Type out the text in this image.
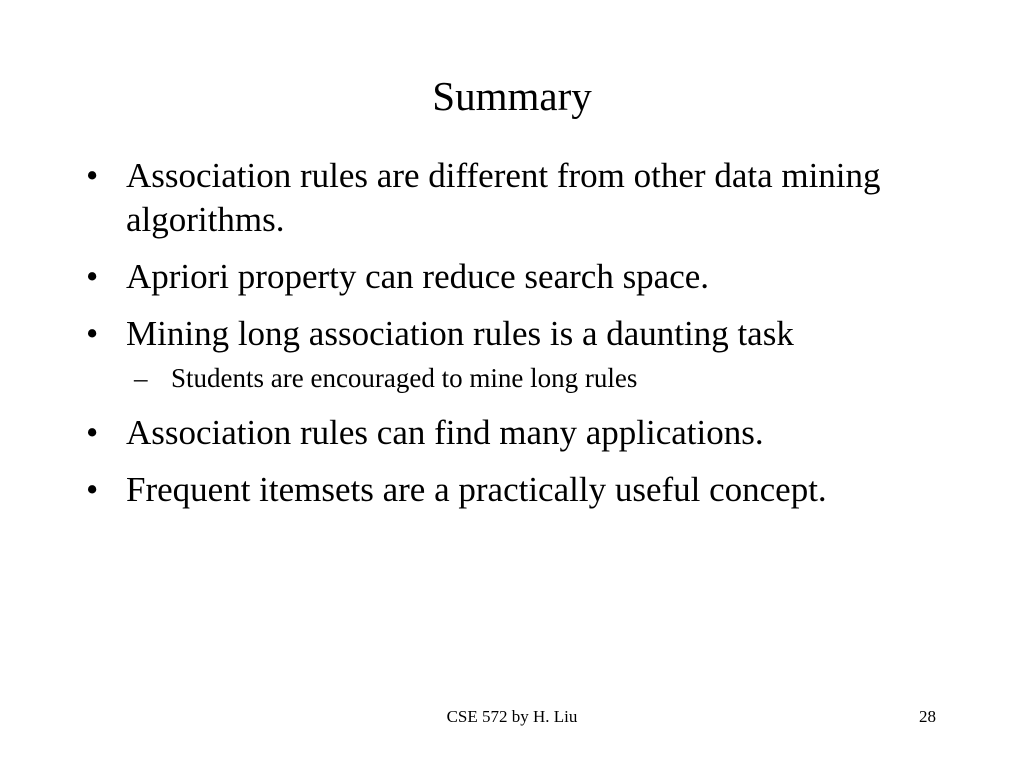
Summary
• Association rules are different from other data mining algorithms.
• Apriori property can reduce search space.
• Mining long association rules is a daunting task
– Students are encouraged to mine long rules
• Association rules can find many applications.
• Frequent itemsets are a practically useful concept.
CSE 572 by H. Liu	28
